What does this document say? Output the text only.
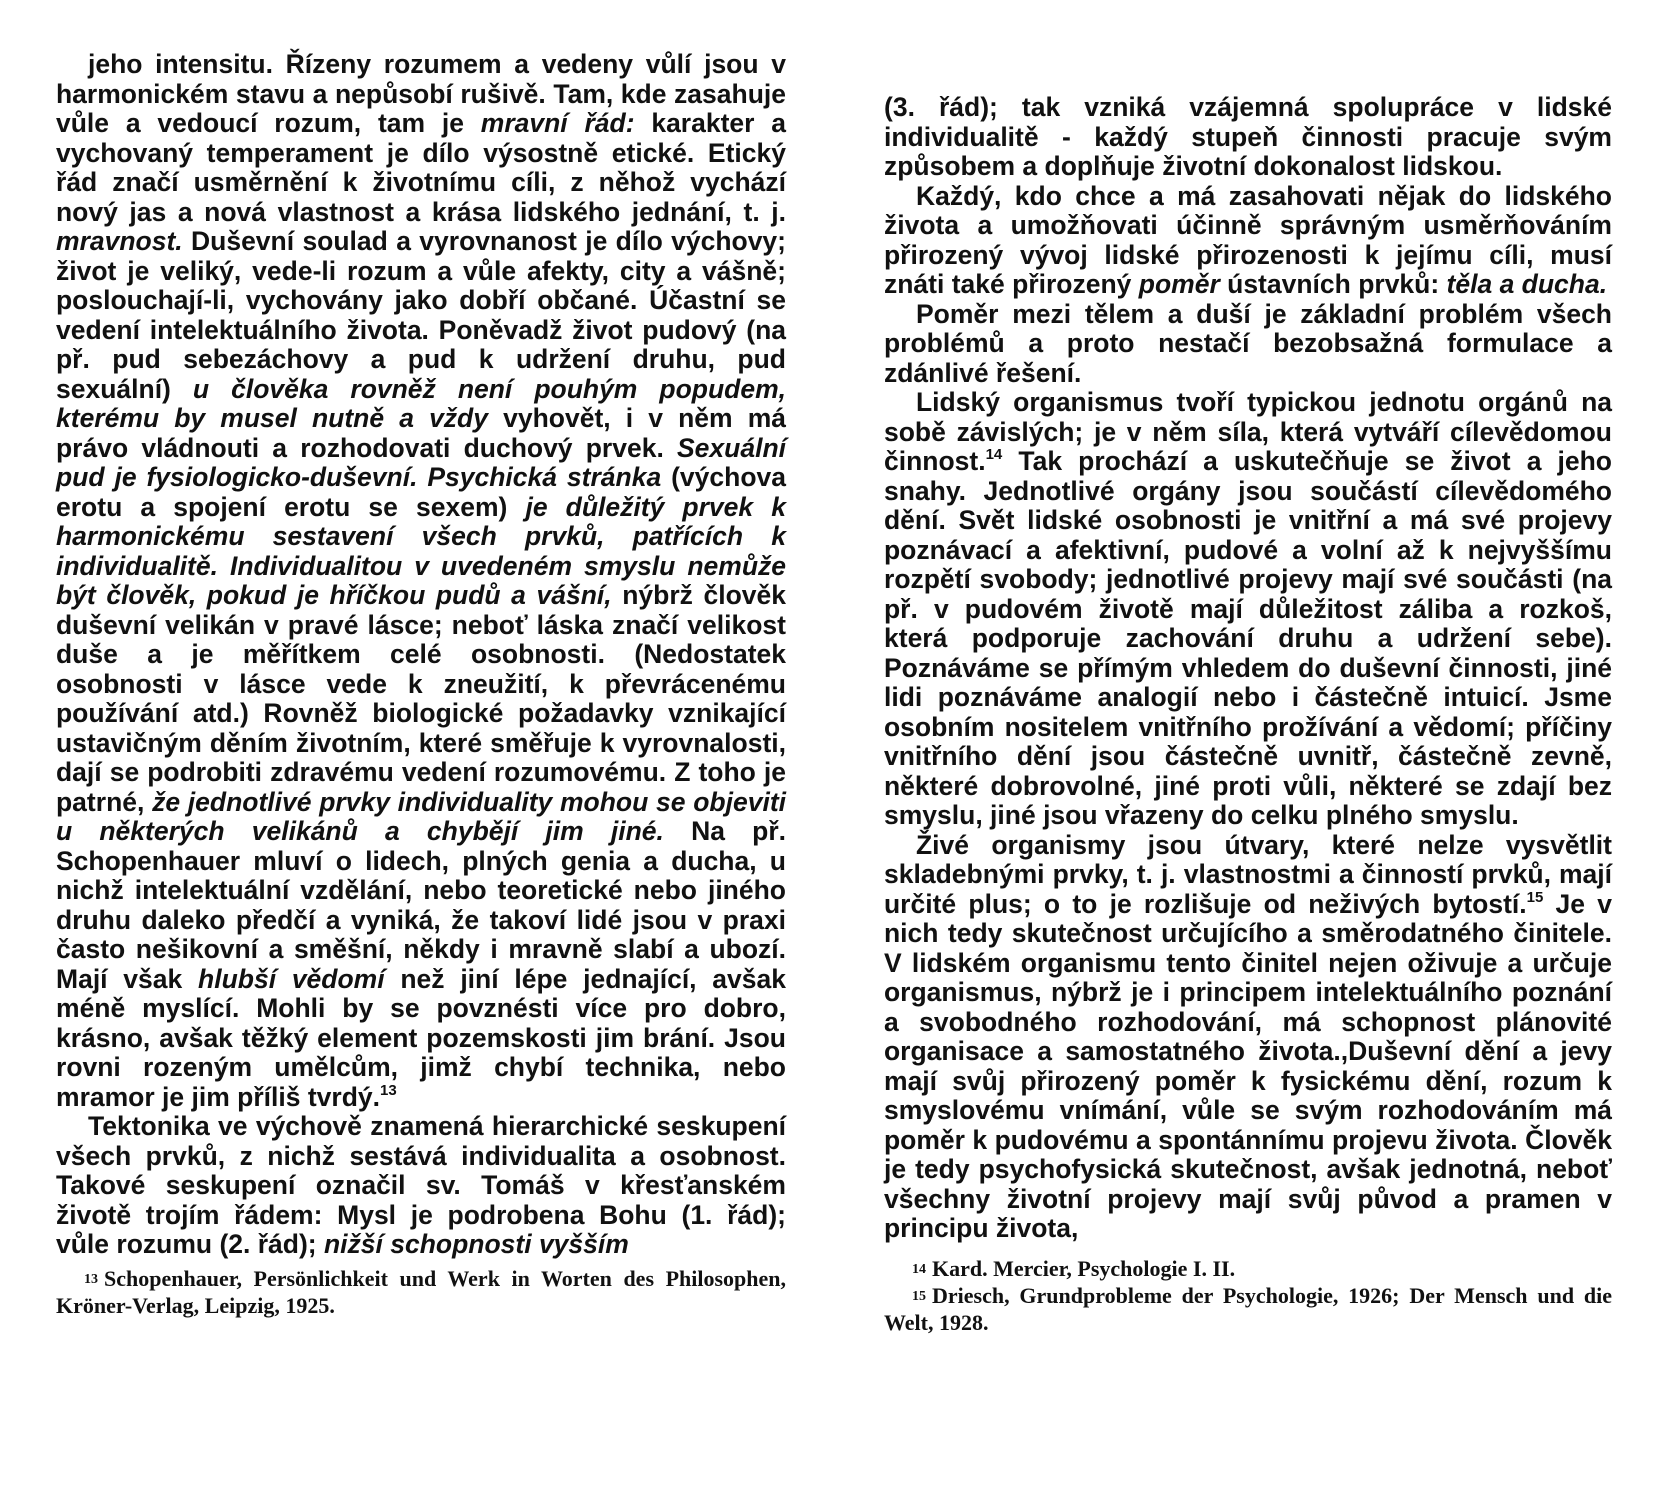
jeho intensitu. Řízeny rozumem a vedeny vůlí jsou v harmonickém stavu a nepůsobí rušivě. Tam, kde zasahuje vůle a vedoucí rozum, tam je mravní řád: karakter a vychovaný temperament je dílo výsostně etické. Etický řád značí usměrnění k životnímu cíli, z něhož vychází nový jas a nová vlastnost a krása lidského jednání, t. j. mravnost. Duševní soulad a vyrovnanost je dílo výchovy; život je veliký, vede-li rozum a vůle afekty, city a vášně; poslouchají-li, vychovány jako dobří občané. Účastní se vedení intelektuálního života. Poněvadž život pudový (na př. pud sebezáchovy a pud k udržení druhu, pud sexuální) u člověka rovněž není pouhým popudem, kterému by musel nutně a vždy vyhovět, i v něm má právo vládnouti a rozhodovati duchový prvek. Sexuální pud je fysiologicko-duševní. Psychická stránka (výchova erotu a spojení erotu se sexem) je důležitý prvek k harmonickému sestavení všech prvků, patřících k individualitě. Individualitou v uvedeném smyslu nemůže být člověk, pokud je hříčkou pudů a vášní, nýbrž člověk duševní velikán v pravé lásce; neboť láska značí velikost duše a je měřítkem celé osobnosti. (Nedostatek osobnosti v lásce vede k zneužití, k převrácenému používání atd.) Rovněž biologické požadavky vznikající ustavičným děním životním, které směřuje k vyrovnalosti, dají se podrobiti zdravému vedení rozumovému. Z toho je patrné, že jednotlivé prvky individuality mohou se objeviti u některých velikánů a chybějí jim jiné. Na př. Schopenhauer mluví o lidech, plných genia a ducha, u nichž intelektuální vzdělání, nebo teoretické nebo jiného druhu daleko předčí a vyniká, že takoví lidé jsou v praxi často nešikovní a směšní, někdy i mravně slabí a ubozí. Mají však hlubší vědomí než jiní lépe jednající, avšak méně myslící. Mohli by se povznésti více pro dobro, krásno, avšak těžký element pozemskosti jim brání. Jsou rovni rozeným umělcům, jimž chybí technika, nebo mramor je jim příliš tvrdý.$^{13}$

Tektonika ve výchově znamená hierarchické seskupení všech prvků, z nichž sestává individualita a osobnost. Takové seskupení označil sv. Tomáš v křesťanském životě trojím řádem: Mysl je podrobena Bohu (1. řád); vůle rozumu (2. řád); nižší schopnosti vyšším

13 Schopenhauer, Persönlichkeit und Werk in Worten des Philosophen, Kröner-Verlag, Leipzig, 1925.

(3. řád); tak vzniká vzájemná spolupráce v lidské individualitě - každý stupeň činnosti pracuje svým způsobem a doplňuje životní dokonalost lidskou.

Každý, kdo chce a má zasahovati nějak do lidského života a umožňovati účinně správným usměrňováním přirozený vývoj lidské přirozenosti k jejímu cíli, musí znáti také přirozený poměr ústavních prvků: těla a ducha.

Poměr mezi tělem a duší je základní problém všech problémů a proto nestačí bezobsažná formulace a zdánlivé řešení.

Lidský organismus tvoří typickou jednotu orgánů na sobě závislých; je v něm síla, která vytváří cílevědomou činnost.$^{14}$ Tak prochází a uskutečňuje se život a jeho snahy. Jednotlivé orgány jsou součástí cílevědomého dění. Svět lidské osobnosti je vnitřní a má své projevy poznávací a afektivní, pudové a volní až k nejvyššímu rozpětí svobody; jednotlivé projevy mají své součásti (na př. v pudovém životě mají důležitost záliba a rozkoš, která podporuje zachování druhu a udržení sebe). Poznáváme se přímým vhledem do duševní činnosti, jiné lidi poznáváme analogií nebo i částečně intuicí. Jsme osobním nositelem vnitřního prožívání a vědomí; příčiny vnitřního dění jsou částečně uvnitř, částečně zevně, některé dobrovolné, jiné proti vůli, některé se zdají bez smyslu, jiné jsou vřazeny do celku plného smyslu.

Živé organismy jsou útvary, které nelze vysvětlit skladebnými prvky, t. j. vlastnostmi a činností prvků, mají určité plus; o to je rozlišuje od neživých bytostí.$^{15}$ Je v nich tedy skutečnost určujícího a směrodatného činitele. V lidském organismu tento činitel nejen oživuje a určuje organismus, nýbrž je i principem intelektuálního poznání a svobodného rozhodování, má schopnost plánovité organisace a samostatného života.,Duševní dění a jevy mají svůj přirozený poměr k fysickému dění, rozum k smyslovému vnímání, vůle se svým rozhodováním má poměr k pudovému a spontánnímu projevu života. Člověk je tedy psychofysická skutečnost, avšak jednotná, neboť všechny životní projevy mají svůj původ a pramen v principu života,

14 Kard. Mercier, Psychologie I. II.

15 Driesch, Grundprobleme der Psychologie, 1926; Der Mensch und die Welt, 1928.
